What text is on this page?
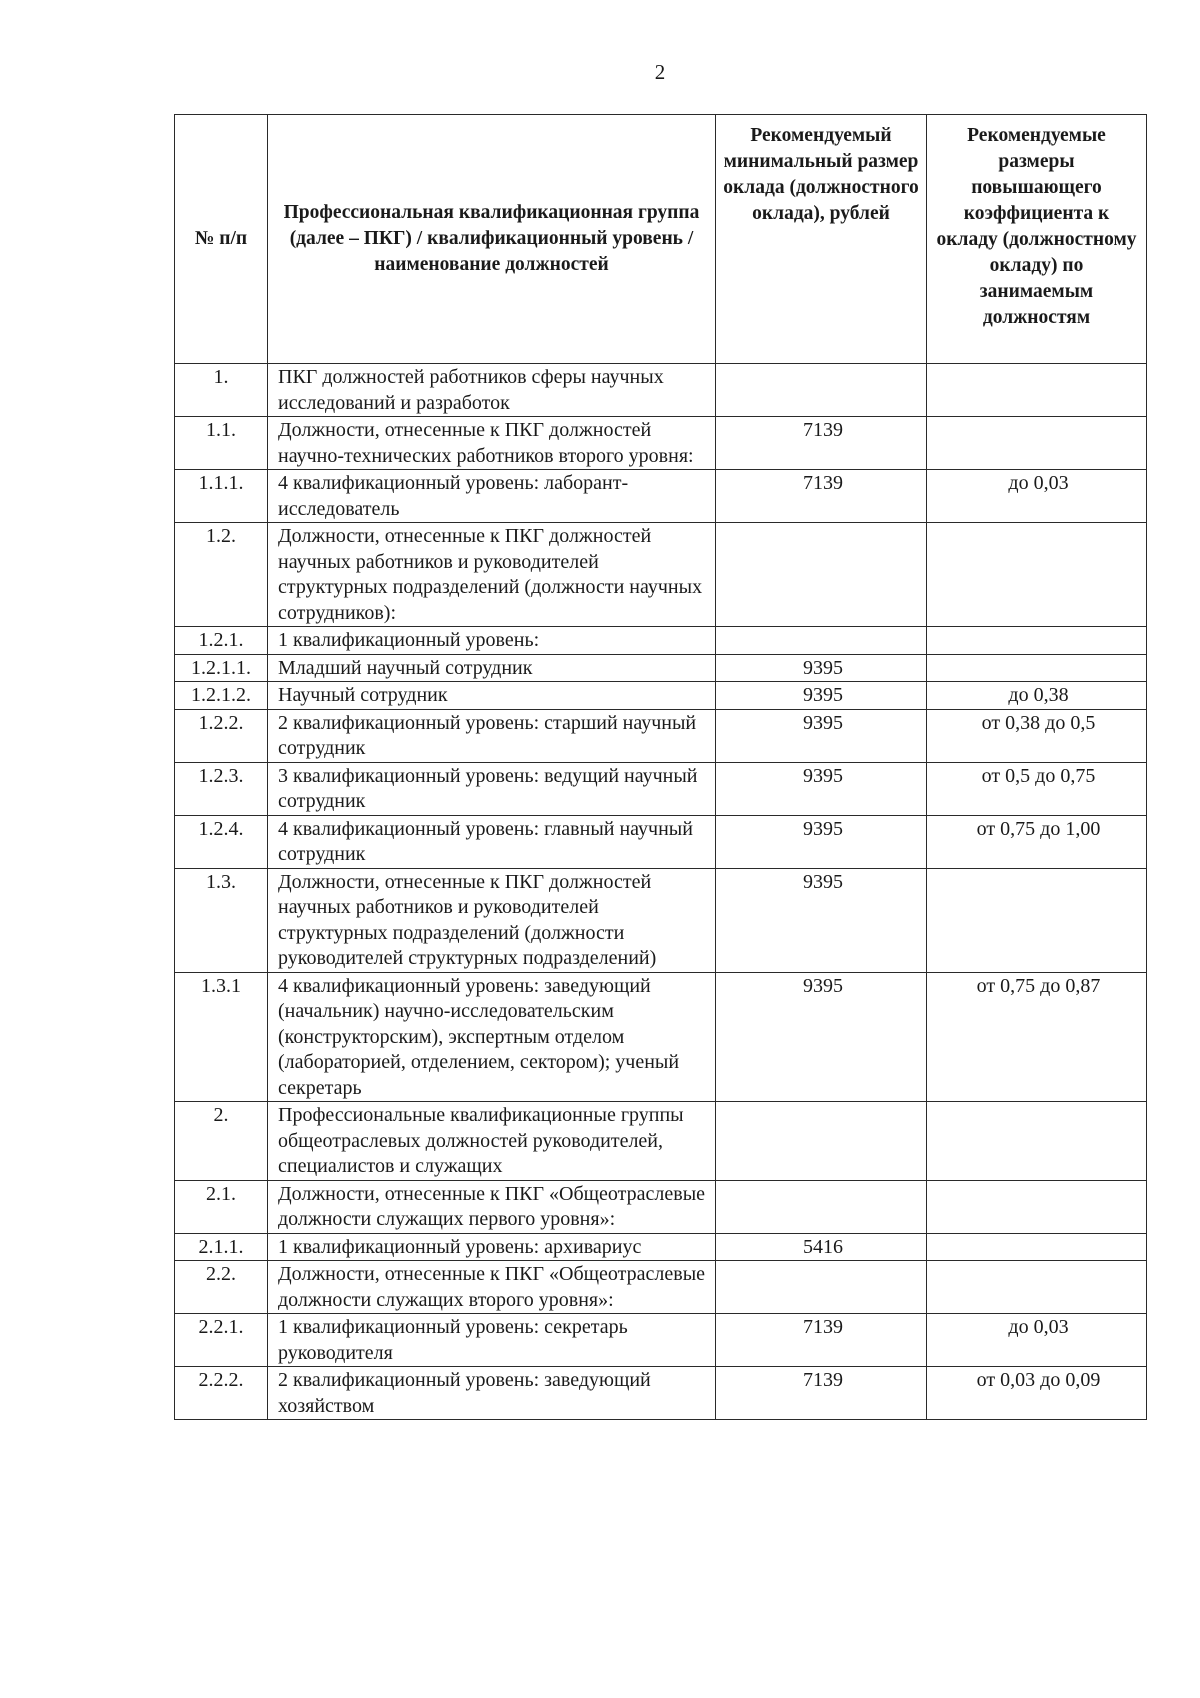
2
№ п/п	Профессиональная квалификационная группа (далее – ПКГ) / квалификационный уровень / наименование должностей	Рекомендуемый минимальный размер оклада (должностного оклада), рублей	Рекомендуемые размеры повышающего коэффициента к окладу (должностному окладу) по занимаемым должностям
1.	ПКГ должностей работников сферы научных исследований и разработок		
1.1.	Должности, отнесенные к ПКГ должностей научно-технических работников второго уровня:	7139	
1.1.1.	4 квалификационный уровень: лаборант-исследователь	7139	до 0,03
1.2.	Должности, отнесенные к ПКГ должностей научных работников и руководителей структурных подразделений (должности научных сотрудников):		
1.2.1.	1 квалификационный уровень:		
1.2.1.1.	Младший научный сотрудник	9395	
1.2.1.2.	Научный сотрудник	9395	до 0,38
1.2.2.	2 квалификационный уровень: старший научный сотрудник	9395	от 0,38 до 0,5
1.2.3.	3 квалификационный уровень: ведущий научный сотрудник	9395	от 0,5 до 0,75
1.2.4.	4 квалификационный уровень: главный научный сотрудник	9395	от 0,75 до 1,00
1.3.	Должности, отнесенные к ПКГ должностей научных работников и руководителей структурных подразделений (должности руководителей структурных подразделений)	9395	
1.3.1	4 квалификационный уровень: заведующий (начальник) научно-исследовательским (конструкторским), экспертным отделом (лабораторией, отделением, сектором); ученый секретарь	9395	от 0,75 до 0,87
2.	Профессиональные квалификационные группы общеотраслевых должностей руководителей, специалистов и служащих		
2.1.	Должности, отнесенные к ПКГ «Общеотраслевые должности служащих первого уровня»:		
2.1.1.	1 квалификационный уровень: архивариус	5416	
2.2.	Должности, отнесенные к ПКГ «Общеотраслевые должности служащих второго уровня»:		
2.2.1.	1 квалификационный уровень: секретарь руководителя	7139	до 0,03
2.2.2.	2 квалификационный уровень: заведующий хозяйством	7139	от 0,03 до 0,09
